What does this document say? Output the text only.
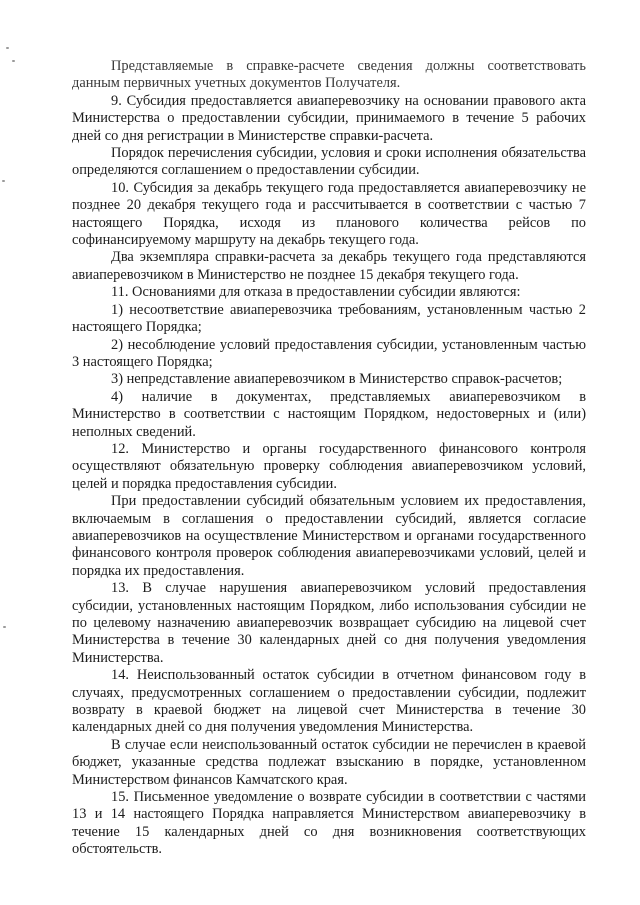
Представляемые в справке-расчете сведения должны соответствовать данным первичных учетных документов Получателя.

9. Субсидия предоставляется авиаперевозчику на основании правового акта Министерства о предоставлении субсидии, принимаемого в течение 5 рабочих дней со дня регистрации в Министерстве справки-расчета.

Порядок перечисления субсидии, условия и сроки исполнения обязательства определяются соглашением о предоставлении субсидии.

10. Субсидия за декабрь текущего года предоставляется авиаперевозчику не позднее 20 декабря текущего года и рассчитывается в соответствии с частью 7 настоящего Порядка, исходя из планового количества рейсов по софинансируемому маршруту на декабрь текущего года.

Два экземпляра справки-расчета за декабрь текущего года представляются авиаперевозчиком в Министерство не позднее 15 декабря текущего года.

11. Основаниями для отказа в предоставлении субсидии являются:

1) несоответствие авиаперевозчика требованиям, установленным частью 2 настоящего Порядка;

2) несоблюдение условий предоставления субсидии, установленным частью 3 настоящего Порядка;

3) непредставление авиаперевозчиком в Министерство справок-расчетов;

4) наличие в документах, представляемых авиаперевозчиком в Министерство в соответствии с настоящим Порядком, недостоверных и (или) неполных сведений.

12. Министерство и органы государственного финансового контроля осуществляют обязательную проверку соблюдения авиаперевозчиком условий, целей и порядка предоставления субсидии.

При предоставлении субсидий обязательным условием их предоставления, включаемым в соглашения о предоставлении субсидий, является согласие авиаперевозчиков на осуществление Министерством и органами государственного финансового контроля проверок соблюдения авиаперевозчиками условий, целей и порядка их предоставления.

13. В случае нарушения авиаперевозчиком условий предоставления субсидии, установленных настоящим Порядком, либо использования субсидии не по целевому назначению авиаперевозчик возвращает субсидию на лицевой счет Министерства в течение 30 календарных дней со дня получения уведомления Министерства.

14. Неиспользованный остаток субсидии в отчетном финансовом году в случаях, предусмотренных соглашением о предоставлении субсидии, подлежит возврату в краевой бюджет на лицевой счет Министерства в течение 30 календарных дней со дня получения уведомления Министерства.

В случае если неиспользованный остаток субсидии не перечислен в краевой бюджет, указанные средства подлежат взысканию в порядке, установленном Министерством финансов Камчатского края.

15. Письменное уведомление о возврате субсидии в соответствии с частями 13 и 14 настоящего Порядка направляется Министерством авиаперевозчику в течение 15 календарных дней со дня возникновения соответствующих обстоятельств.
